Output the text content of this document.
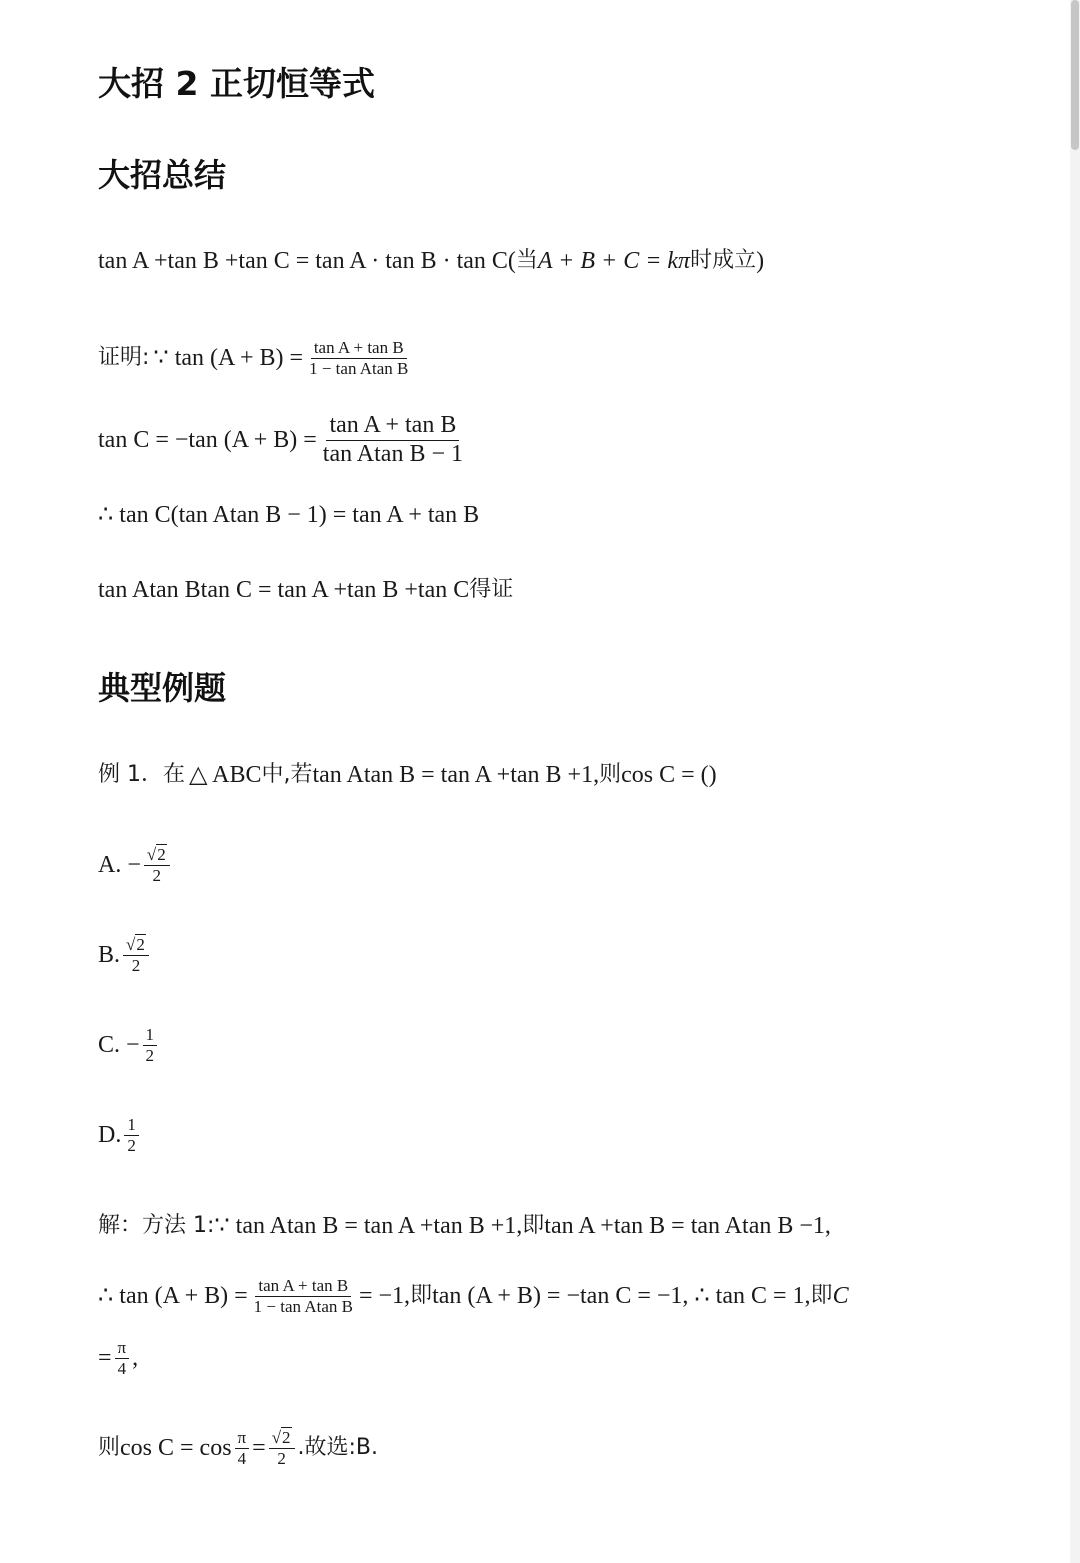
大招 2 正切恒等式
大招总结
tan A +tan B +tan C = tan A · tan B · tan C( 当 A + B + C = kπ 时成立 )
证明: ∵ $\tan (A + B) = \frac{\text{tan A + tan B}}{\text{1 − tan Atan B}}$
tan C = −tan $(A + B) = \frac{\text{tan A + tan B}}{\text{tan Atan B − 1}}$
∴ tan C(tan Atan B − 1) = tan A + tan B
tan Atan Btan C = tan A +tan B +tan C 得证
典型例题
例 1．在 △ ABC 中,若 tan Atan B = tan A +tan B +1, 则 cos C = ()
A. − $\frac{√2}{2}$
B. $\frac{√2}{2}$
C. − $\frac{1}{2}$
D. $\frac{1}{2}$
解：方法 1: ∵ tan Atan B = tan A +tan B +1, 即 tan A +tan B = tan Atan B −1,
∴ $\tan (A + B) = \frac{\text{tan A + tan B}}{\text{1 − tan Atan B}} = -1$, 即 tan (A + B) = −tan C = −1, ∴ tan C = 1, 即 C
= $\frac{\pi}{4}$ ,
则 $\cos C = \cos \frac{\pi}{4} = \frac{√2}{2}$ .故选:B.
